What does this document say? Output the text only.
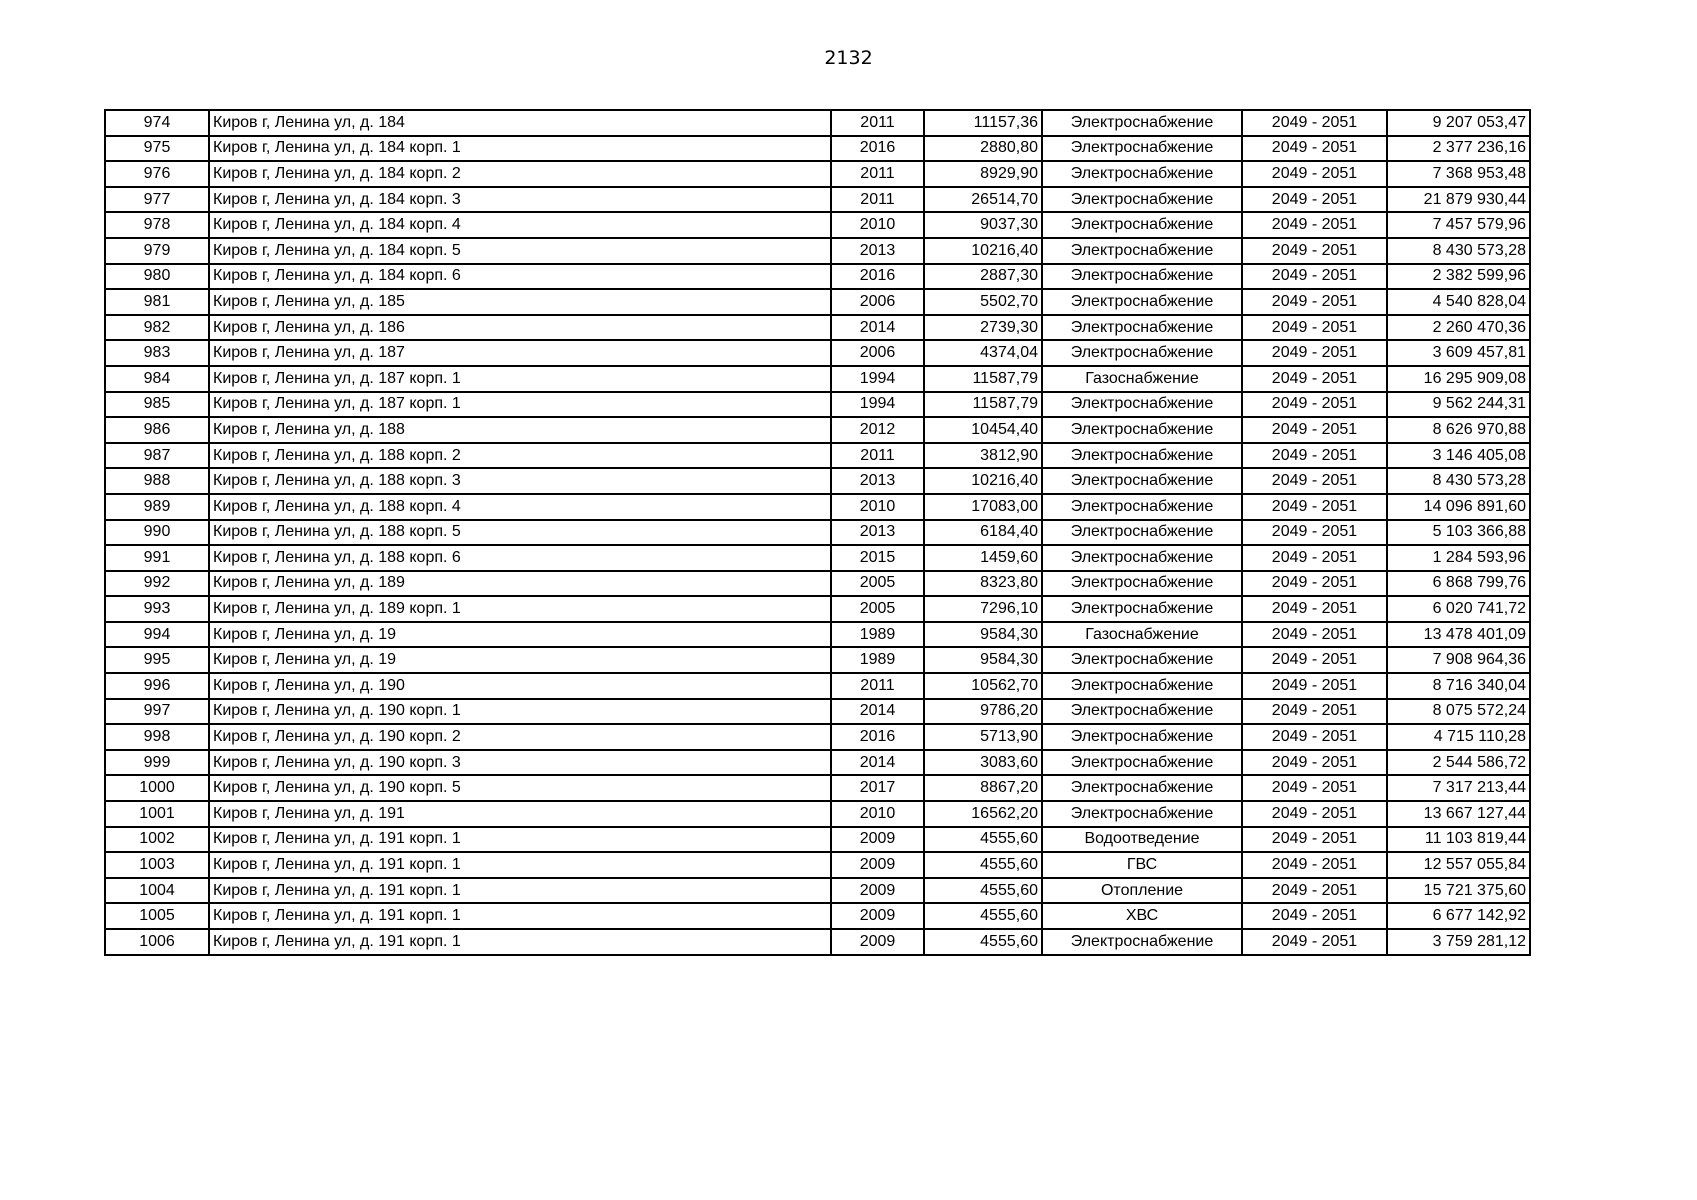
2132
974	Киров г, Ленина ул, д. 184	2011	11157,36	Электроснабжение	2049 - 2051	9 207 053,47
975	Киров г, Ленина ул, д. 184 корп. 1	2016	2880,80	Электроснабжение	2049 - 2051	2 377 236,16
976	Киров г, Ленина ул, д. 184 корп. 2	2011	8929,90	Электроснабжение	2049 - 2051	7 368 953,48
977	Киров г, Ленина ул, д. 184 корп. 3	2011	26514,70	Электроснабжение	2049 - 2051	21 879 930,44
978	Киров г, Ленина ул, д. 184 корп. 4	2010	9037,30	Электроснабжение	2049 - 2051	7 457 579,96
979	Киров г, Ленина ул, д. 184 корп. 5	2013	10216,40	Электроснабжение	2049 - 2051	8 430 573,28
980	Киров г, Ленина ул, д. 184 корп. 6	2016	2887,30	Электроснабжение	2049 - 2051	2 382 599,96
981	Киров г, Ленина ул, д. 185	2006	5502,70	Электроснабжение	2049 - 2051	4 540 828,04
982	Киров г, Ленина ул, д. 186	2014	2739,30	Электроснабжение	2049 - 2051	2 260 470,36
983	Киров г, Ленина ул, д. 187	2006	4374,04	Электроснабжение	2049 - 2051	3 609 457,81
984	Киров г, Ленина ул, д. 187 корп. 1	1994	11587,79	Газоснабжение	2049 - 2051	16 295 909,08
985	Киров г, Ленина ул, д. 187 корп. 1	1994	11587,79	Электроснабжение	2049 - 2051	9 562 244,31
986	Киров г, Ленина ул, д. 188	2012	10454,40	Электроснабжение	2049 - 2051	8 626 970,88
987	Киров г, Ленина ул, д. 188 корп. 2	2011	3812,90	Электроснабжение	2049 - 2051	3 146 405,08
988	Киров г, Ленина ул, д. 188 корп. 3	2013	10216,40	Электроснабжение	2049 - 2051	8 430 573,28
989	Киров г, Ленина ул, д. 188 корп. 4	2010	17083,00	Электроснабжение	2049 - 2051	14 096 891,60
990	Киров г, Ленина ул, д. 188 корп. 5	2013	6184,40	Электроснабжение	2049 - 2051	5 103 366,88
991	Киров г, Ленина ул, д. 188 корп. 6	2015	1459,60	Электроснабжение	2049 - 2051	1 284 593,96
992	Киров г, Ленина ул, д. 189	2005	8323,80	Электроснабжение	2049 - 2051	6 868 799,76
993	Киров г, Ленина ул, д. 189 корп. 1	2005	7296,10	Электроснабжение	2049 - 2051	6 020 741,72
994	Киров г, Ленина ул, д. 19	1989	9584,30	Газоснабжение	2049 - 2051	13 478 401,09
995	Киров г, Ленина ул, д. 19	1989	9584,30	Электроснабжение	2049 - 2051	7 908 964,36
996	Киров г, Ленина ул, д. 190	2011	10562,70	Электроснабжение	2049 - 2051	8 716 340,04
997	Киров г, Ленина ул, д. 190 корп. 1	2014	9786,20	Электроснабжение	2049 - 2051	8 075 572,24
998	Киров г, Ленина ул, д. 190 корп. 2	2016	5713,90	Электроснабжение	2049 - 2051	4 715 110,28
999	Киров г, Ленина ул, д. 190 корп. 3	2014	3083,60	Электроснабжение	2049 - 2051	2 544 586,72
1000	Киров г, Ленина ул, д. 190 корп. 5	2017	8867,20	Электроснабжение	2049 - 2051	7 317 213,44
1001	Киров г, Ленина ул, д. 191	2010	16562,20	Электроснабжение	2049 - 2051	13 667 127,44
1002	Киров г, Ленина ул, д. 191 корп. 1	2009	4555,60	Водоотведение	2049 - 2051	11 103 819,44
1003	Киров г, Ленина ул, д. 191 корп. 1	2009	4555,60	ГВС	2049 - 2051	12 557 055,84
1004	Киров г, Ленина ул, д. 191 корп. 1	2009	4555,60	Отопление	2049 - 2051	15 721 375,60
1005	Киров г, Ленина ул, д. 191 корп. 1	2009	4555,60	ХВС	2049 - 2051	6 677 142,92
1006	Киров г, Ленина ул, д. 191 корп. 1	2009	4555,60	Электроснабжение	2049 - 2051	3 759 281,12
